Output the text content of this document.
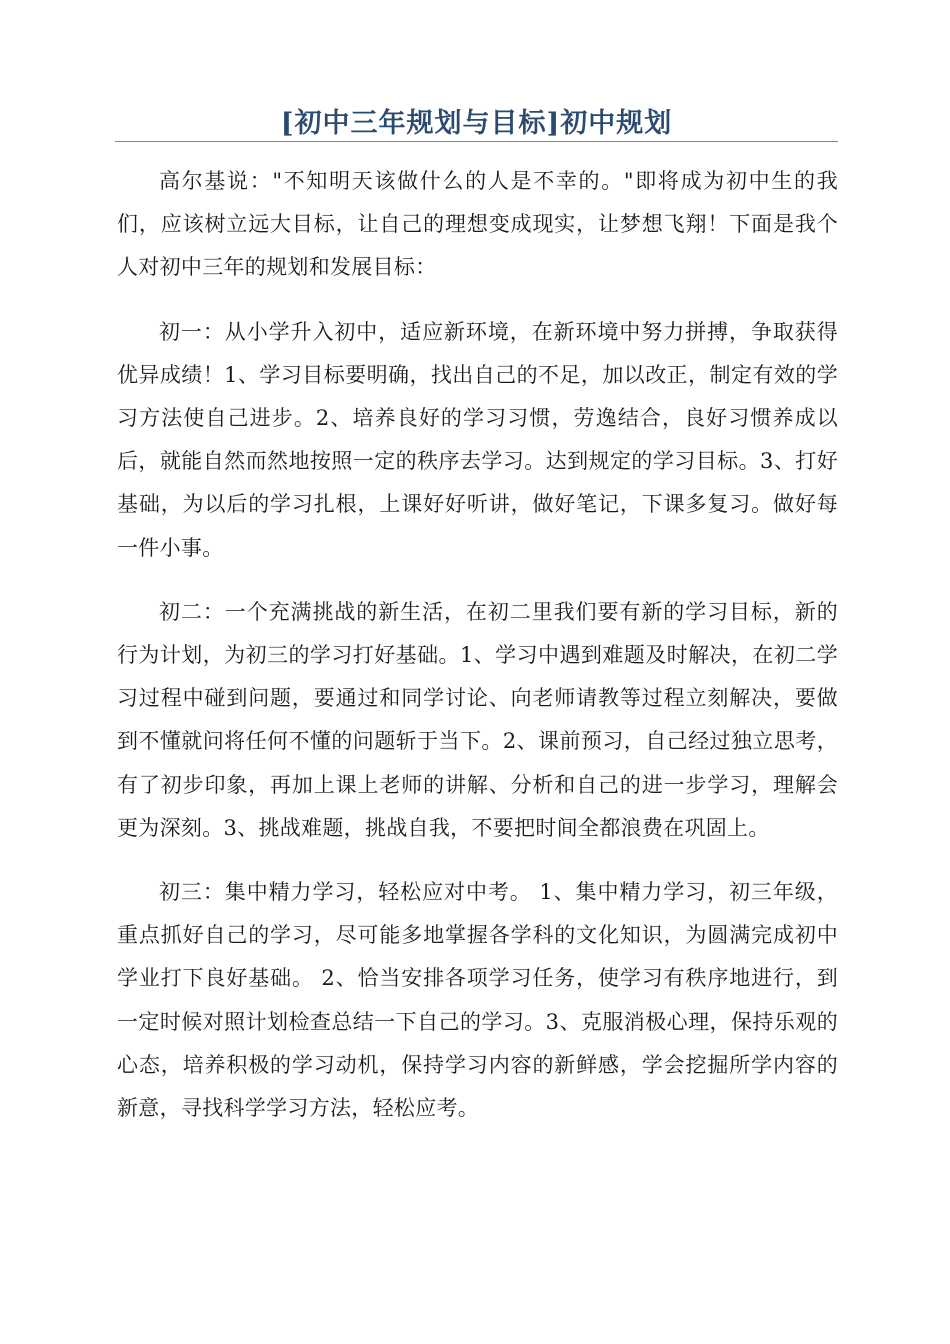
[初中三年规划与目标]初中规划

高尔基说："不知明天该做什么的人是不幸的。"即将成为初中生的我们，应该树立远大目标，让自己的理想变成现实，让梦想飞翔！下面是我个人对初中三年的规划和发展目标：

初一：从小学升入初中，适应新环境，在新环境中努力拼搏，争取获得优异成绩！1、学习目标要明确，找出自己的不足，加以改正，制定有效的学习方法使自己进步。2、培养良好的学习习惯，劳逸结合，良好习惯养成以后，就能自然而然地按照一定的秩序去学习。达到规定的学习目标。3、打好基础，为以后的学习扎根，上课好好听讲，做好笔记，下课多复习。做好每一件小事。

初二：一个充满挑战的新生活，在初二里我们要有新的学习目标，新的行为计划，为初三的学习打好基础。1、学习中遇到难题及时解决，在初二学习过程中碰到问题，要通过和同学讨论、向老师请教等过程立刻解决，要做到不懂就问将任何不懂的问题斩于当下。2、课前预习，自己经过独立思考，有了初步印象，再加上课上老师的讲解、分析和自己的进一步学习，理解会更为深刻。3、挑战难题，挑战自我，不要把时间全都浪费在巩固上。

初三：集中精力学习，轻松应对中考。 1、集中精力学习，初三年级，重点抓好自己的学习，尽可能多地掌握各学科的文化知识，为圆满完成初中学业打下良好基础。 2、恰当安排各项学习任务，使学习有秩序地进行，到一定时候对照计划检查总结一下自己的学习。3、克服消极心理，保持乐观的心态，培养积极的学习动机，保持学习内容的新鲜感，学会挖掘所学内容的新意，寻找科学学习方法，轻松应考。
